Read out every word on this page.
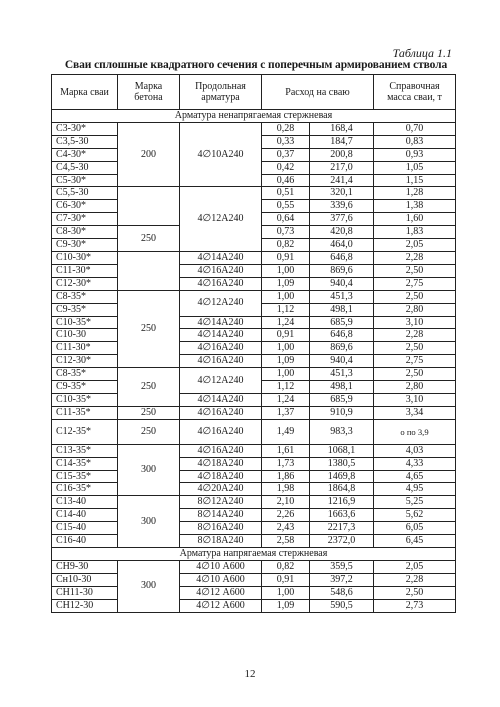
Таблица 1.1
Сваи сплошные квадратного сечения с поперечным армированием ствола
Марка сваи	Марка бетона	Продольная арматура	Расход на сваю		Справочная масса сваи, т
Арматура ненапрягаемая стержневая					
С3-30*	200	4∅10А240	0,28	168,4	0,70
С3,5-30			0,33	184,7	0,83
С4-30*			0,37	200,8	0,93
С4,5-30			0,42	217,0	1,05
С5-30*			0,46	241,4	1,15
С5,5-30		4∅12А240	0,51	320,1	1,28
С6-30*			0,55	339,6	1,38
С7-30*			0,64	377,6	1,60
С8-30*	250		0,73	420,8	1,83
С9-30*			0,82	464,0	2,05
С10-30*		4∅14А240	0,91	646,8	2,28
С11-30*		4∅16А240	1,00	869,6	2,50
С12-30*		4∅16А240	1,09	940,4	2,75
С8-35*	250	4∅12А240	1,00	451,3	2,50
С9-35*			1,12	498,1	2,80
С10-35*		4∅14А240	1,24	685,9	3,10
С10-30		4∅14А240	0,91	646,8	2,28
С11-30*		4∅16А240	1,00	869,6	2,50
С12-30*		4∅16А240	1,09	940,4	2,75
С8-35*	250	4∅12А240	1,00	451,3	2,50
С9-35*			1,12	498,1	2,80
С10-35*		4∅14А240	1,24	685,9	3,10
С11-35*	250	4∅16А240	1,37	910,9	3,34
С12-35*	250	4∅16А240	1,49	983,3	о по 3,9
С13-35*	300	4∅16А240	1,61	1068,1	4,03
С14-35*		4∅18А240	1,73	1380,5	4,33
С15-35*		4∅18А240	1,86	1469,8	4,65
С16-35*		4∅20А240	1,98	1864,8	4,95
С13-40	300	8∅12А240	2,10	1216,9	5,25
С14-40		8∅14А240	2,26	1663,6	5,62
С15-40		8∅16А240	2,43	2217,3	6,05
С16-40		8∅18А240	2,58	2372,0	6,45
Арматура напрягаемая стержневая					
СН9-30	300	4∅10 А600	0,82	359,5	2,05
Сн10-30		4∅10 А600	0,91	397,2	2,28
СН11-30		4∅12 А600	1,00	548,6	2,50
СН12-30		4∅12 А600	1,09	590,5	2,73
12
